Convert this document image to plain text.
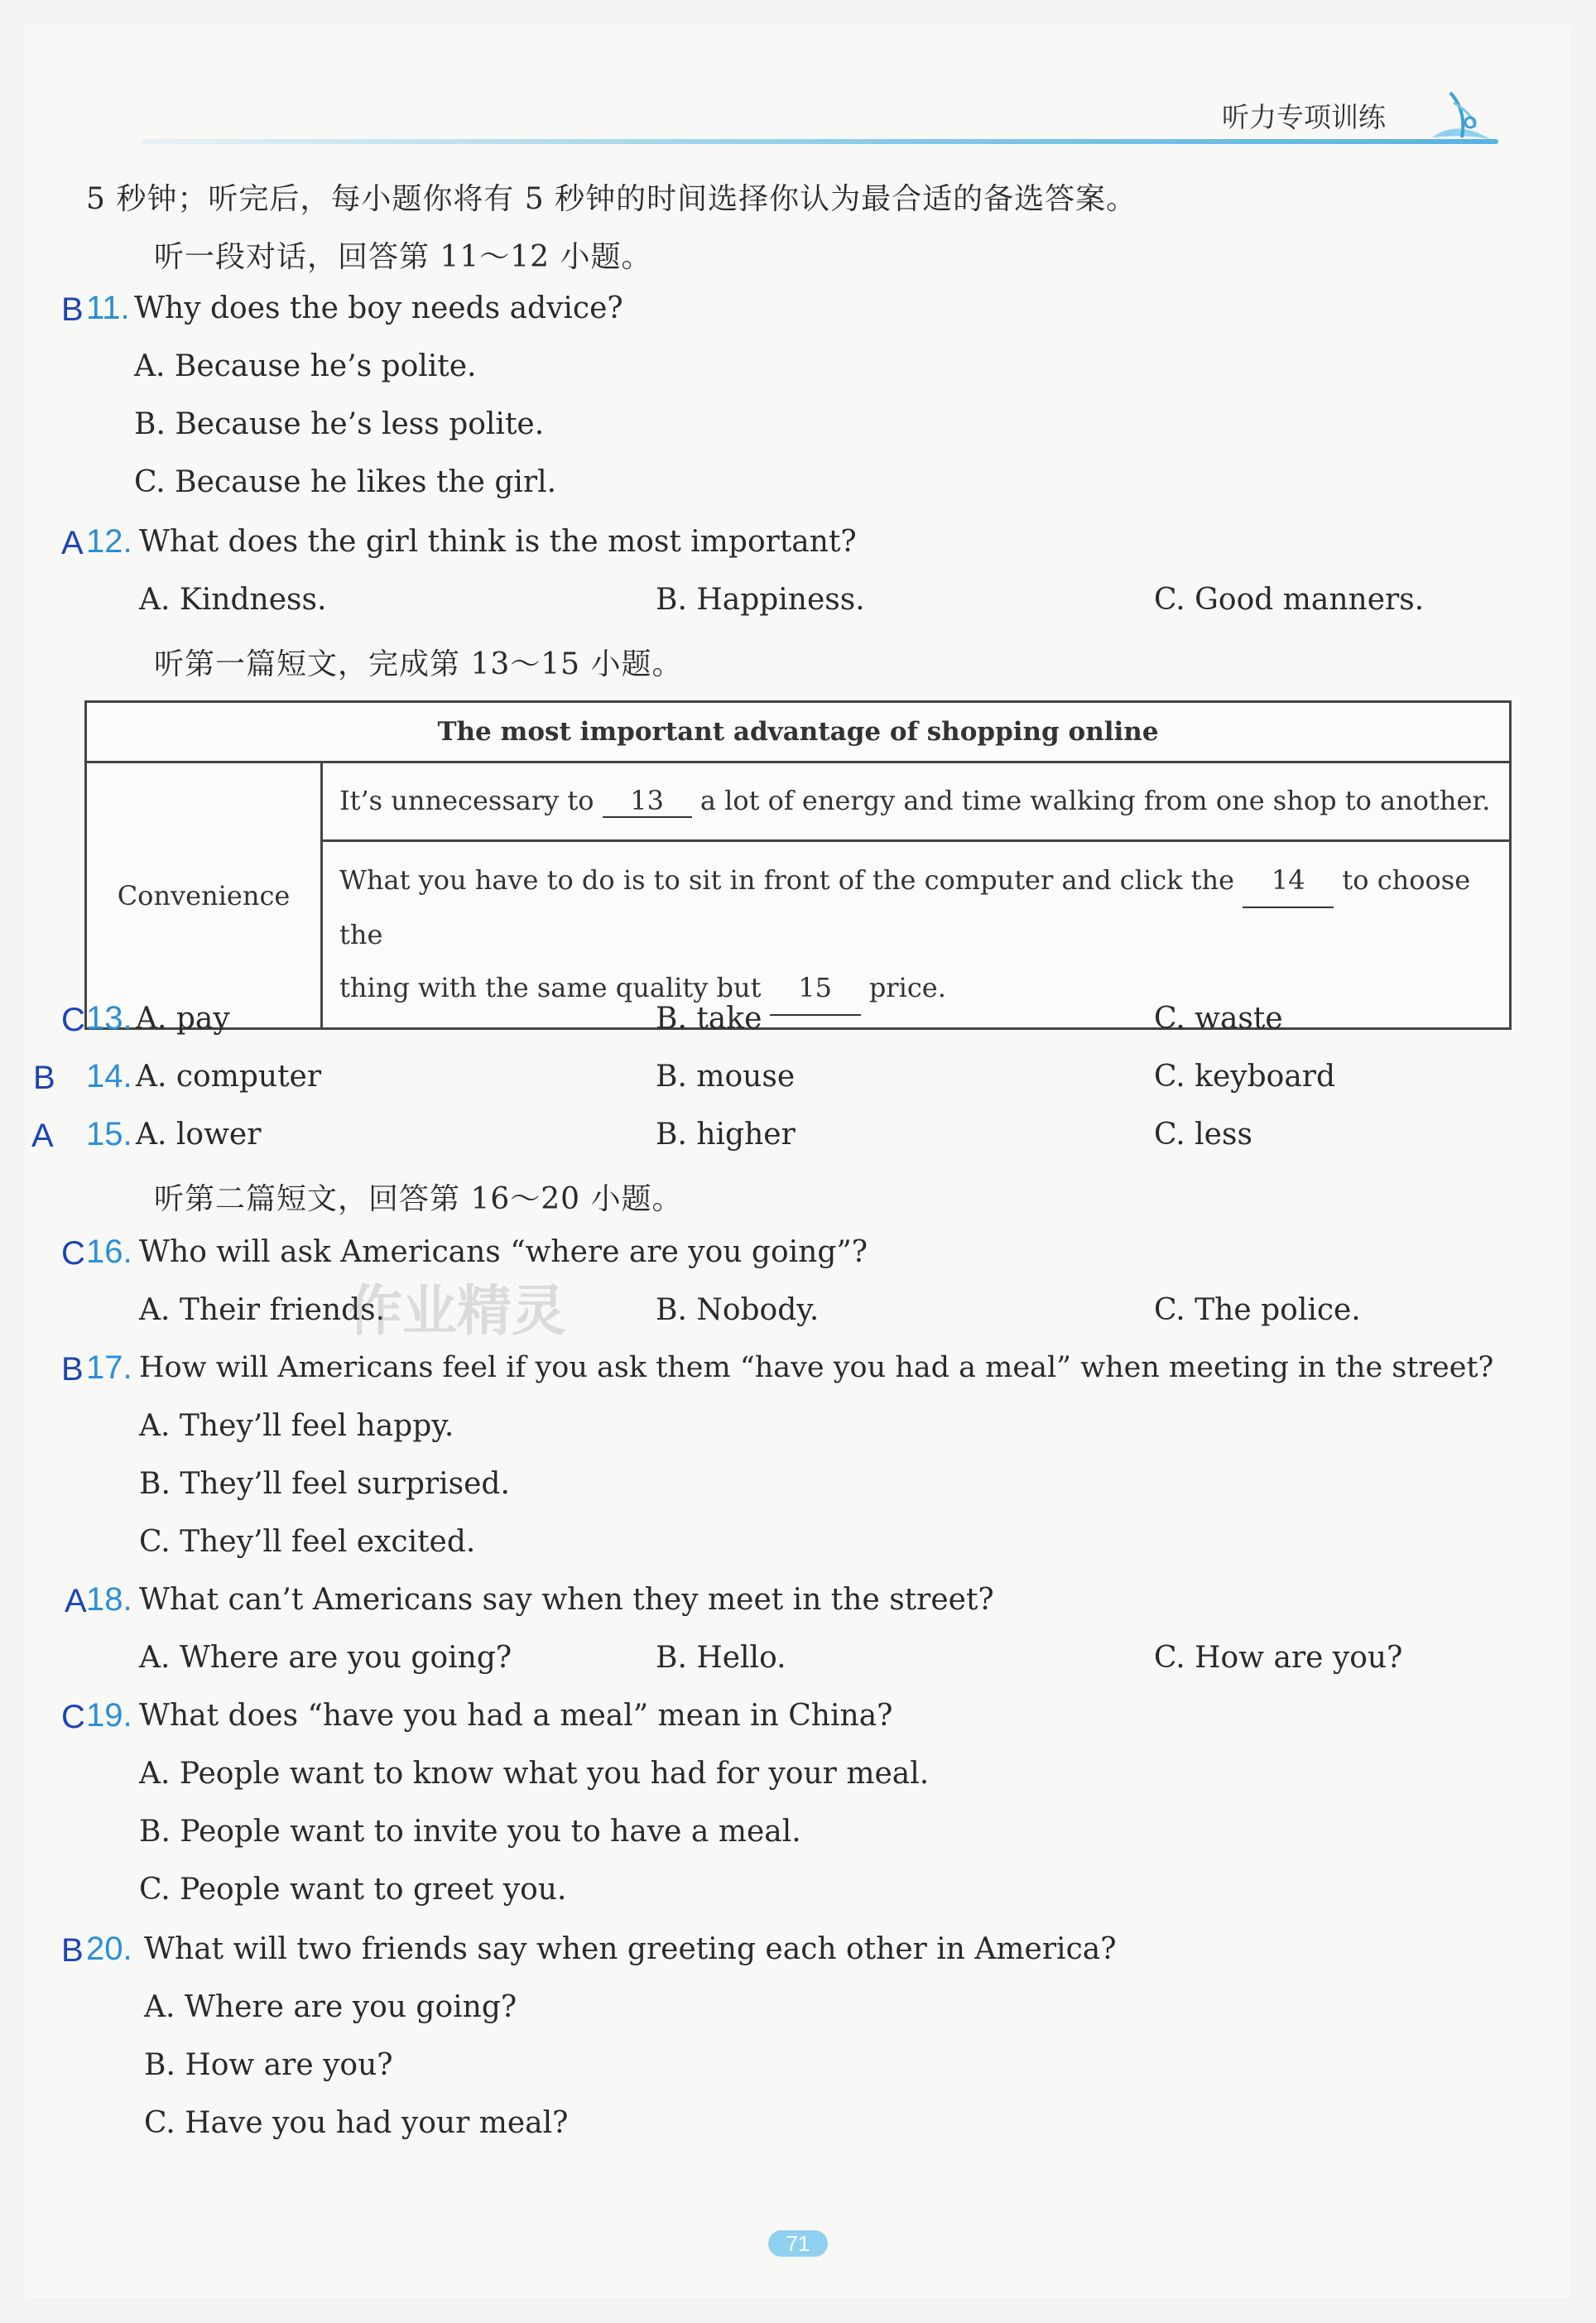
听力专项训练
5 秒钟；听完后，每小题你将有 5 秒钟的时间选择你认为最合适的备选答案。
听一段对话，回答第 11～12 小题。
B 11. Why does the boy needs advice?
A. Because he’s polite.
B. Because he’s less polite.
C. Because he likes the girl.
A 12. What does the girl think is the most important?
A. Kindness.	B. Happiness.	C. Good manners.
听第一篇短文，完成第 13～15 小题。
The most important advantage of shopping online
Convenience	It’s unnecessary to 13 a lot of energy and time walking from one shop to another.
What you have to do is to sit in front of the computer and click the 14 to choose the
thing with the same quality but 15 price.
C 13. A. pay	B. take	C. waste
B 14. A. computer	B. mouse	C. keyboard
A 15. A. lower	B. higher	C. less
听第二篇短文，回答第 16～20 小题。
C 16. Who will ask Americans “where are you going”?
A. Their friends.	B. Nobody.	C. The police.
作业精灵
B 17. How will Americans feel if you ask them “have you had a meal” when meeting in the street?
A. They’ll feel happy.
B. They’ll feel surprised.
C. They’ll feel excited.
A 18. What can’t Americans say when they meet in the street?
A. Where are you going?	B. Hello.	C. How are you?
C 19. What does “have you had a meal” mean in China?
A. People want to know what you had for your meal.
B. People want to invite you to have a meal.
C. People want to greet you.
B 20. What will two friends say when greeting each other in America?
A. Where are you going?
B. How are you?
C. Have you had your meal?
71
